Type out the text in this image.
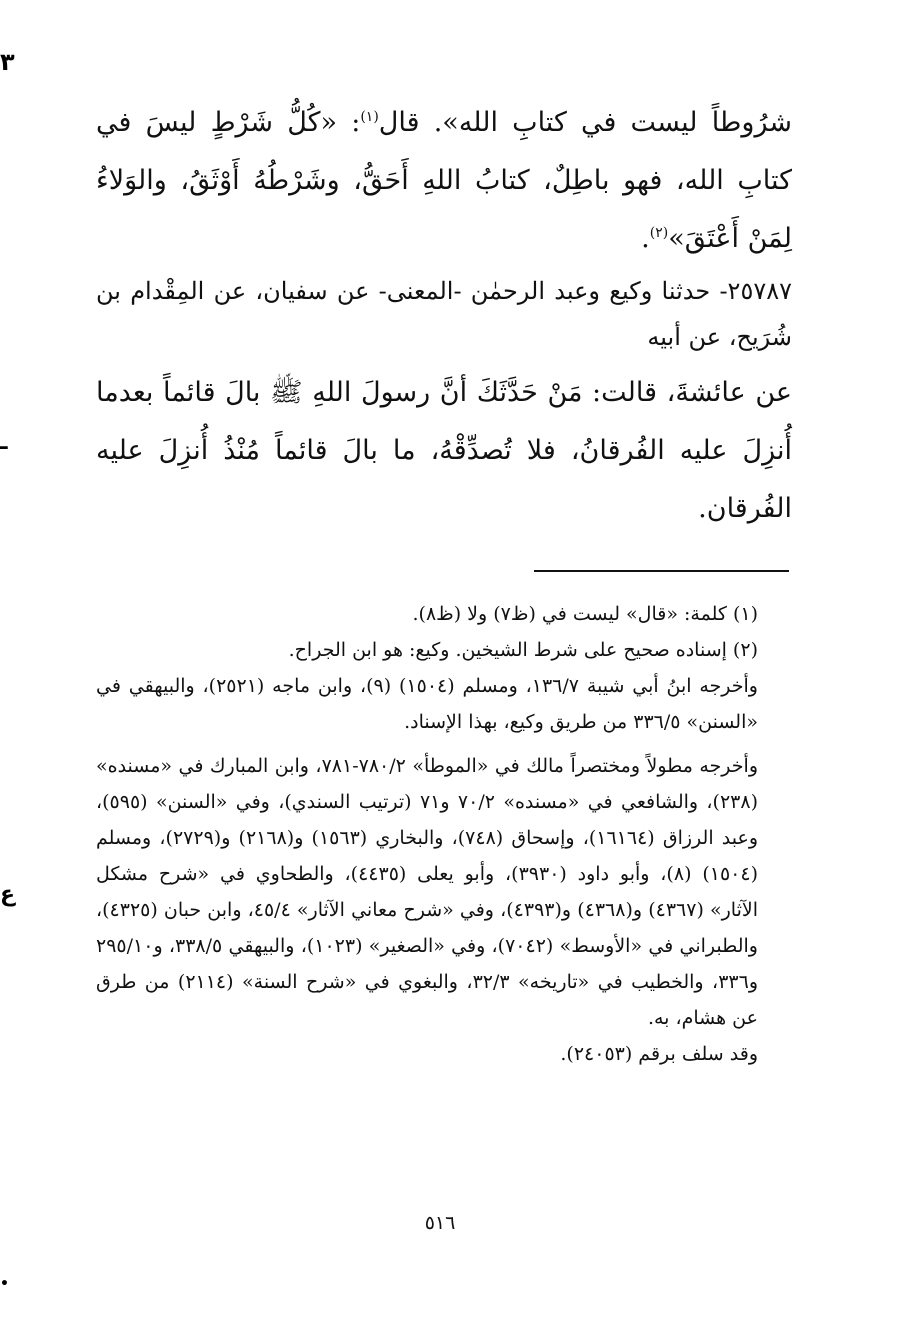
٣
ـ
ع
•
شرُوطاً ليست في كتابِ الله». قال$^{(١)}$: «كُلُّ شَرْطٍ ليسَ في كتابِ الله، فهو باطِلٌ، كتابُ اللهِ أَحَقُّ، وشَرْطُهُ أَوْثَقُ، والوَلاءُ لِمَنْ أَعْتَقَ»$^{(٢)}$.
٢٥٧٨٧- حدثنا وكيع وعبد الرحمٰن -المعنى- عن سفيان، عن المِقْدام بن شُرَيح، عن أبيه
عن عائشةَ، قالت: مَنْ حَدَّثَكَ أنَّ رسولَ اللهِ ﷺ بالَ قائماً بعدما أُنزِلَ عليه الفُرقانُ، فلا تُصدِّقْهُ، ما بالَ قائماً مُنْذُ أُنزِلَ عليه الفُرقان.

(١) كلمة: «قال» ليست في (ظ٧) ولا (ظ٨).

(٢) إسناده صحيح على شرط الشيخين. وكيع: هو ابن الجراح.

وأخرجه ابنُ أبي شيبة ١٣٦/٧، ومسلم (١٥٠٤) (٩)، وابن ماجه (٢٥٢١)، والبيهقي في «السنن» ٣٣٦/٥ من طريق وكيع، بهذا الإسناد.

وأخرجه مطولاً ومختصراً مالك في «الموطأ» ٧٨٠/٢-٧٨١، وابن المبارك في «مسنده» (٢٣٨)، والشافعي في «مسنده» ٧٠/٢ و٧١ (ترتيب السندي)، وفي «السنن» (٥٩٥)، وعبد الرزاق (١٦١٦٤)، وإسحاق (٧٤٨)، والبخاري (١٥٦٣) و(٢١٦٨) و(٢٧٢٩)، ومسلم (١٥٠٤) (٨)، وأبو داود (٣٩٣٠)، وأبو يعلى (٤٤٣٥)، والطحاوي في «شرح مشكل الآثار» (٤٣٦٧) و(٤٣٦٨) و(٤٣٩٣)، وفي «شرح معاني الآثار» ٤٥/٤، وابن حبان (٤٣٢٥)، والطبراني في «الأوسط» (٧٠٤٢)، وفي «الصغير» (١٠٢٣)، والبيهقي ٣٣٨/٥، و٢٩٥/١٠ و٣٣٦، والخطيب في «تاريخه» ٣٢/٣، والبغوي في «شرح السنة» (٢١١٤) من طرق عن هشام، به.

وقد سلف برقم (٢٤٠٥٣).

٥١٦
